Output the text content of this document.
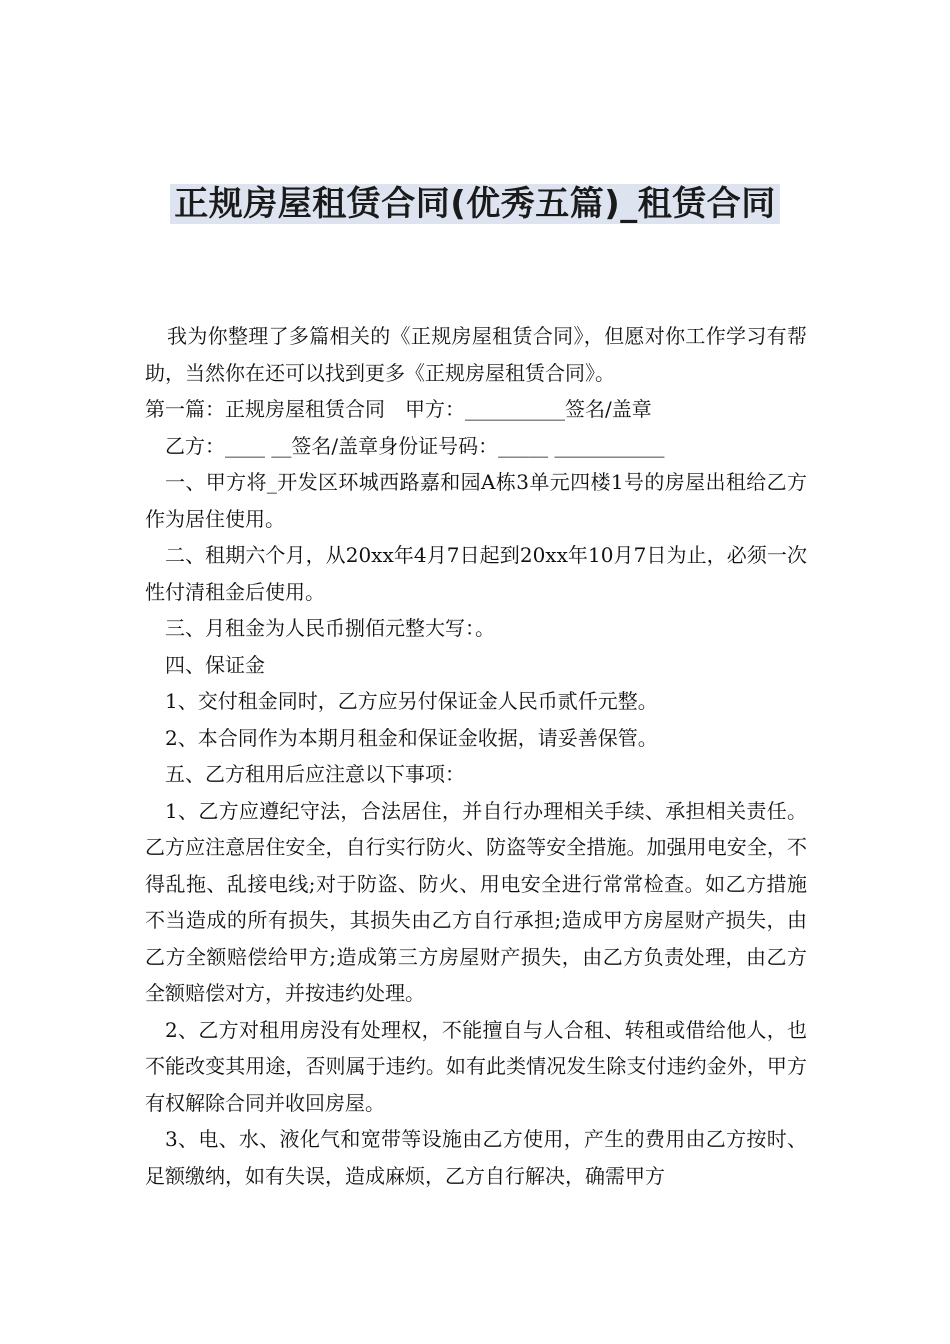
正规房屋租赁合同(优秀五篇)_租赁合同

我为你整理了多篇相关的《正规房屋租赁合同》，但愿对你工作学习有帮助，当然你在还可以找到更多《正规房屋租赁合同》。

第一篇：正规房屋租赁合同　甲方：__________签名/盖章

乙方：____ __签名/盖章身份证号码：_____ ___________

一、甲方将_开发区环城西路嘉和园A栋3单元四楼1号的房屋出租给乙方作为居住使用。

二、租期六个月，从20xx年4月7日起到20xx年10月7日为止，必须一次性付清租金后使用。

三、月租金为人民币捌佰元整大写：。

四、保证金

1、交付租金同时，乙方应另付保证金人民币贰仟元整。

2、本合同作为本期月租金和保证金收据，请妥善保管。

五、乙方租用后应注意以下事项：

1、乙方应遵纪守法，合法居住，并自行办理相关手续、承担相关责任。乙方应注意居住安全，自行实行防火、防盗等安全措施。加强用电安全，不得乱拖、乱接电线;对于防盗、防火、用电安全进行常常检查。如乙方措施不当造成的所有损失，其损失由乙方自行承担;造成甲方房屋财产损失，由乙方全额赔偿给甲方;造成第三方房屋财产损失，由乙方负责处理，由乙方全额赔偿对方，并按违约处理。

2、乙方对租用房没有处理权，不能擅自与人合租、转租或借给他人，也不能改变其用途，否则属于违约。如有此类情况发生除支付违约金外，甲方有权解除合同并收回房屋。

3、电、水、液化气和宽带等设施由乙方使用，产生的费用由乙方按时、足额缴纳，如有失误，造成麻烦，乙方自行解决，确需甲方
